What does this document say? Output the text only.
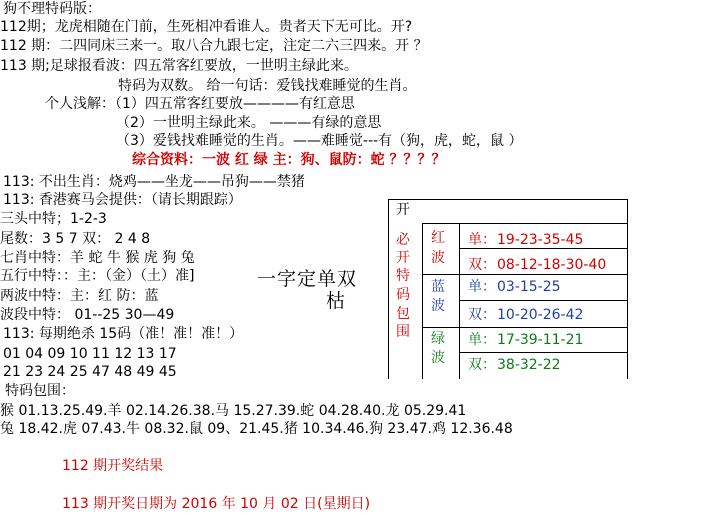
狗不理特码版：
112期；龙虎相随在门前，生死相冲看谁人。贵者天下无可比。开?
112 期：二四同床三来一。取八合九跟七定，注定二六三四来。开 ？
113 期;足球报看波：四五常客红要放，一世明主绿此来。
特码为双数。 给一句话：爱钱找难睡觉的生肖。
个人浅解：（1）四五常客红要放————有红意思
（2）一世明主绿此来。 ———有绿的意思
（3）爱钱找难睡觉的生肖。——难睡觉---有（狗，虎，蛇，鼠 ）
综合资料：一波 红 绿 主：狗、鼠防：蛇 ？？？？
113: 不出生肖：烧鸡——坐龙——吊狗——禁猪
113: 香港赛马会提供：（请长期跟踪）
三头中特；1-2-3
尾数：3 5 7 双： 2 4 8
七肖中特：羊 蛇 牛 猴 虎 狗 兔
五行中特：：主：（金）（土）准]
两波中特：主：红 防：蓝
波段中特： 01--25 30—49
113: 每期绝杀 15码（准！准！准！）
01 04 09 10 11 12 13 17
21 23 24 25 47 48 49 45
特码包围：
猴 01.13.25.49.羊 02.14.26.38.马 15.27.39.蛇 04.28.40.龙 05.29.41
兔 18.42.虎 07.43.牛 08.32.鼠 09、21.45.猪 10.34.46.狗 23.47.鸡 12.36.48
112 期开奖结果
113 期开奖日期为 2016 年 10 月 02 日(星期日)
一字定单双
枯
开
必
开
特
码
包
围
红
波
蓝
波
绿
波
单： 19-23-35-45
双： 08-12-18-30-40
单： 03-15-25
双： 10-20-26-42
单： 17-39-11-21
双： 38-32-22
